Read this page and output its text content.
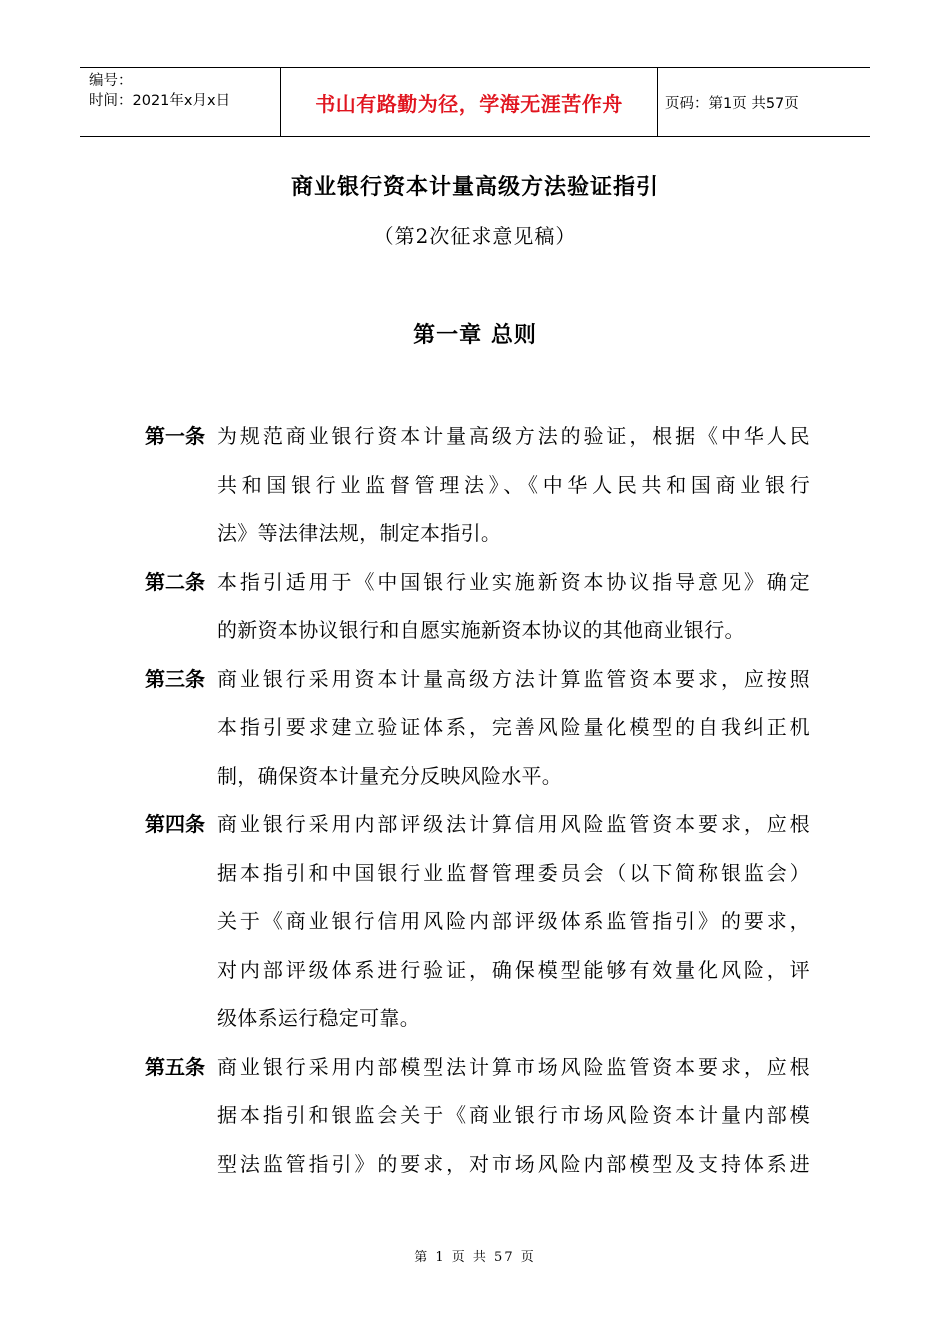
编号：
时间：2021年x月x日	书山有路勤为径，学海无涯苦作舟	页码：第1页 共57页
商业银行资本计量高级方法验证指引
（第2次征求意见稿）
第一章 总则
第一条 为规范商业银行资本计量高级方法的验证，根据《中华人民
共和国银行业监督管理法》、《中华人民共和国商业银行
法》等法律法规，制定本指引。
第二条 本指引适用于《中国银行业实施新资本协议指导意见》确定
的新资本协议银行和自愿实施新资本协议的其他商业银行。
第三条 商业银行采用资本计量高级方法计算监管资本要求，应按照
本指引要求建立验证体系，完善风险量化模型的自我纠正机
制，确保资本计量充分反映风险水平。
第四条 商业银行采用内部评级法计算信用风险监管资本要求，应根
据本指引和中国银行业监督管理委员会（以下简称银监会）
关于《商业银行信用风险内部评级体系监管指引》的要求，
对内部评级体系进行验证，确保模型能够有效量化风险，评
级体系运行稳定可靠。
第五条 商业银行采用内部模型法计算市场风险监管资本要求，应根
据本指引和银监会关于《商业银行市场风险资本计量内部模
型法监管指引》的要求，对市场风险内部模型及支持体系进
第 1 页 共 57 页
